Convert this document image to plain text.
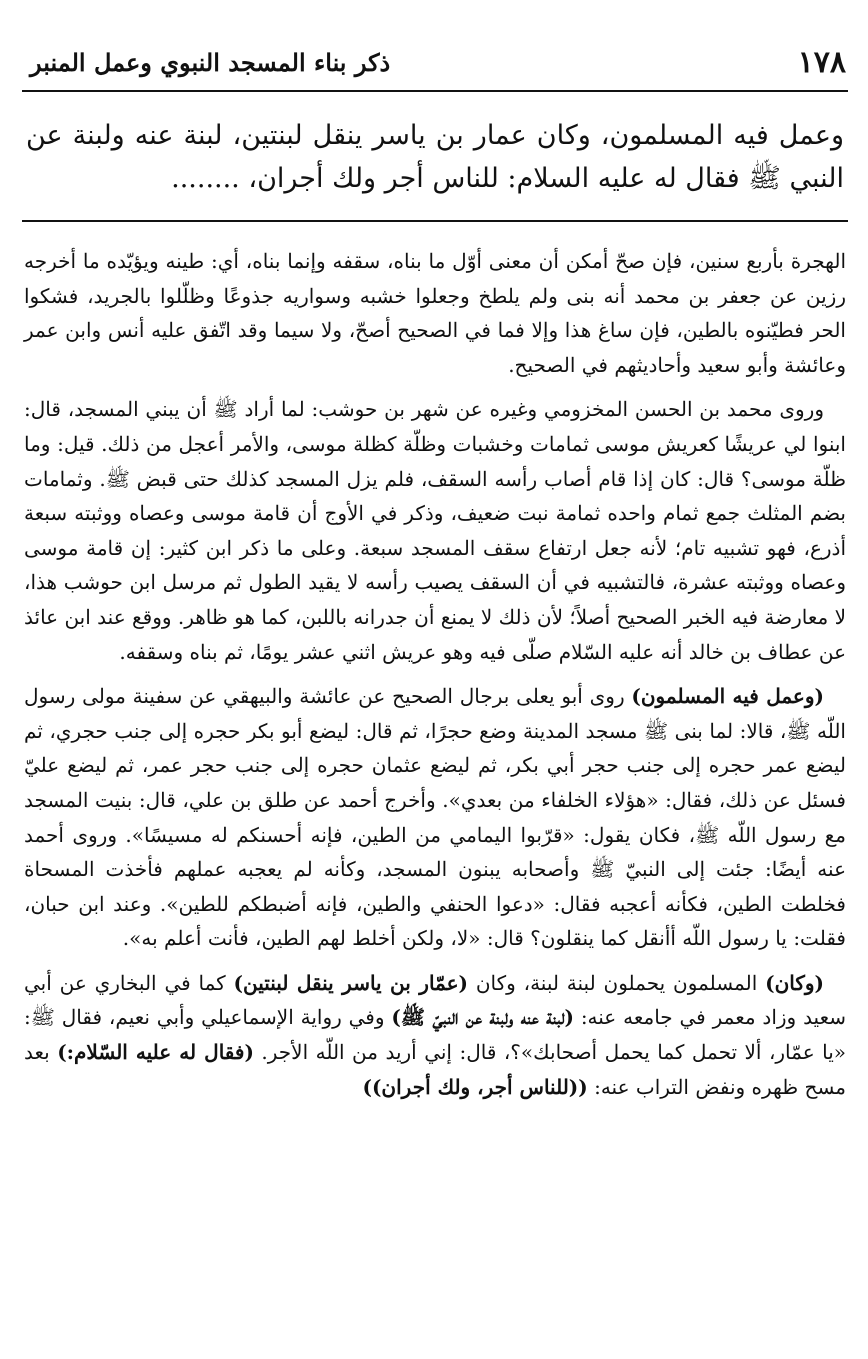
١٧٨
ذكر بناء المسجد النبوي وعمل المنبر
وعمل فيه المسلمون، وكان عمار بن ياسر ينقل لبنتين، لبنة عنه ولبنة عن النبي ﷺ فقال له عليه السلام: للناس أجر ولك أجران، ........

الهجرة بأربع سنين، فإن صحّ أمكن أن معنى أوّل ما بناه، سقفه وإنما بناه، أي: طينه ويؤيّده ما أخرجه رزين عن جعفر بن محمد أنه بنى ولم يلطخ وجعلوا خشبه وسواريه جذوعًا وظلّلوا بالجريد، فشكوا الحر فطيّنوه بالطين، فإن ساغ هذا وإلا فما في الصحيح أصحّ، ولا سيما وقد اتّفق عليه أنس وابن عمر وعائشة وأبو سعيد وأحاديثهم في الصحيح.

وروى محمد بن الحسن المخزومي وغيره عن شهر بن حوشب: لما أراد ﷺ أن يبني المسجد، قال: ابنوا لي عريشًا كعريش موسى ثمامات وخشبات وظلّة كظلة موسى، والأمر أعجل من ذلك. قيل: وما ظلّة موسى؟ قال: كان إذا قام أصاب رأسه السقف، فلم يزل المسجد كذلك حتى قبض ﷺ. وثمامات بضم المثلث جمع ثمام واحده ثمامة نبت ضعيف، وذكر في الأوج أن قامة موسى وعصاه ووثبته سبعة أذرع، فهو تشبيه تام؛ لأنه جعل ارتفاع سقف المسجد سبعة. وعلى ما ذكر ابن كثير: إن قامة موسى وعصاه ووثبته عشرة، فالتشبيه في أن السقف يصيب رأسه لا يقيد الطول ثم مرسل ابن حوشب هذا، لا معارضة فيه الخبر الصحيح أصلاً؛ لأن ذلك لا يمنع أن جدرانه باللبن، كما هو ظاهر. ووقع عند ابن عائذ عن عطاف بن خالد أنه عليه السّلام صلّى فيه وهو عريش اثني عشر يومًا، ثم بناه وسقفه.

(وعمل فيه المسلمون) روى أبو يعلى برجال الصحيح عن عائشة والبيهقي عن سفينة مولى رسول اللّه ﷺ، قالا: لما بنى ﷺ مسجد المدينة وضع حجرًا، ثم قال: ليضع أبو بكر حجره إلى جنب حجري، ثم ليضع عمر حجره إلى جنب حجر أبي بكر، ثم ليضع عثمان حجره إلى جنب حجر عمر، ثم ليضع عليّ فسئل عن ذلك، فقال: «هؤلاء الخلفاء من بعدي». وأخرج أحمد عن طلق بن علي، قال: بنيت المسجد مع رسول اللّه ﷺ، فكان يقول: «قرّبوا اليمامي من الطين، فإنه أحسنكم له مسيسًا». وروى أحمد عنه أيضًا: جئت إلى النبيّ ﷺ وأصحابه يبنون المسجد، وكأنه لم يعجبه عملهم فأخذت المسحاة فخلطت الطين، فكأنه أعجبه فقال: «دعوا الحنفي والطين، فإنه أضبطكم للطين». وعند ابن حبان، فقلت: يا رسول اللّه أأنقل كما ينقلون؟ قال: «لا، ولكن أخلط لهم الطين، فأنت أعلم به».

(وكان) المسلمون يحملون لبنة لبنة، وكان (عمّار بن ياسر ينقل لبنتين) كما في البخاري عن أبي سعيد وزاد معمر في جامعه عنه: (لبنة عنه ولبنة عن النبيّ ﷺ) وفي رواية الإسماعيلي وأبي نعيم، فقال ﷺ: «يا عمّار، ألا تحمل كما يحمل أصحابك»؟، قال: إني أريد من اللّه الأجر. (فقال له عليه السّلام:) بعد مسح ظهره ونفض التراب عنه: ((للناس أجر، ولك أجران))
